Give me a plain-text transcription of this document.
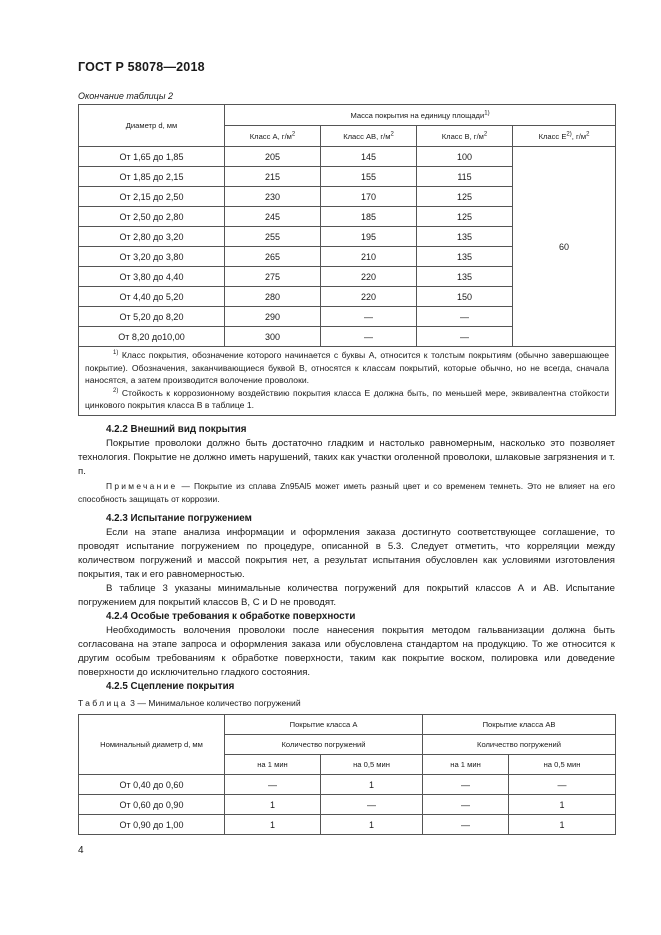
ГОСТ Р 58078—2018
Окончание таблицы 2
Диаметр d, мм	Масса покрытия на единицу площади$^{1)}$
	Класс А, $г/м^2$	Класс АВ, $г/м^2$	Класс В, $г/м^2$	Класс $Е^{2)}$, $г/м^2$
От 1,65 до 1,85	205	145	100	60
От 1,85 до 2,15	215	155	115	
От 2,15 до 2,50	230	170	125	
От 2,50 до 2,80	245	185	125	
От 2,80 до 3,20	255	195	135	
От 3,20 до 3,80	265	210	135	
От 3,80 до 4,40	275	220	135	
От 4,40 до 5,20	280	220	150	
От 5,20 до 8,20	290	—	—	
От 8,20 до10,00	300	—	—	

$^{1)}$ Класс покрытия, обозначение которого начинается с буквы А, относится к толстым покрытиям (обычно завершающее покрытие). Обозначения, заканчивающиеся буквой В, относятся к классам покрытий, которые обычно, но не всегда, сначала наносятся, а затем производится волочение проволоки.

$^{2)}$ Стойкость к коррозионному воздействию покрытия класса Е должна быть, по меньшей мере, эквивалентна стойкости цинкового покрытия класса В в таблице 1.				

4.2.2 Внешний вид покрытия

Покрытие проволоки должно быть достаточно гладким и настолько равномерным, насколько это позволяет технология. Покрытие не должно иметь нарушений, таких как участки оголенной проволоки, шлаковые загрязнения и т. п.

Примечание — Покрытие из сплава Zn95Al5 может иметь разный цвет и со временем темнеть. Это не влияет на его способность защищать от коррозии.

4.2.3 Испытание погружением

Если на этапе анализа информации и оформления заказа достигнуто соответствующее соглашение, то проводят испытание погружением по процедуре, описанной в 5.3. Следует отметить, что корреляции между количеством погружений и массой покрытия нет, а результат испытания обусловлен как условиями изготовления покрытия, так и его равномерностью.

В таблице 3 указаны минимальные количества погружений для покрытий классов А и АВ. Испытание погружением для покрытий классов В, С и D не проводят.

4.2.4 Особые требования к обработке поверхности

Необходимость волочения проволоки после нанесения покрытия методом гальванизации должна быть согласована на этапе запроса и оформления заказа или обусловлена стандартом на продукцию. То же относится к другим особым требованиям к обработке поверхности, таким как покрытие воском, полировка или доведение поверхности до исключительно гладкого состояния.

4.2.5 Сцепление покрытия

Таблица 3 — Минимальное количество погружений
Номинальный диаметр d, мм	Покрытие класса А		Покрытие класса АВ	
	Количество погружений		Количество погружений	
	на 1 мин	на 0,5 мин	на 1 мин	на 0,5 мин
От 0,40 до 0,60	—	1	—	—
От 0,60 до 0,90	1	—	—	1
От 0,90 до 1,00	1	1	—	1
4
